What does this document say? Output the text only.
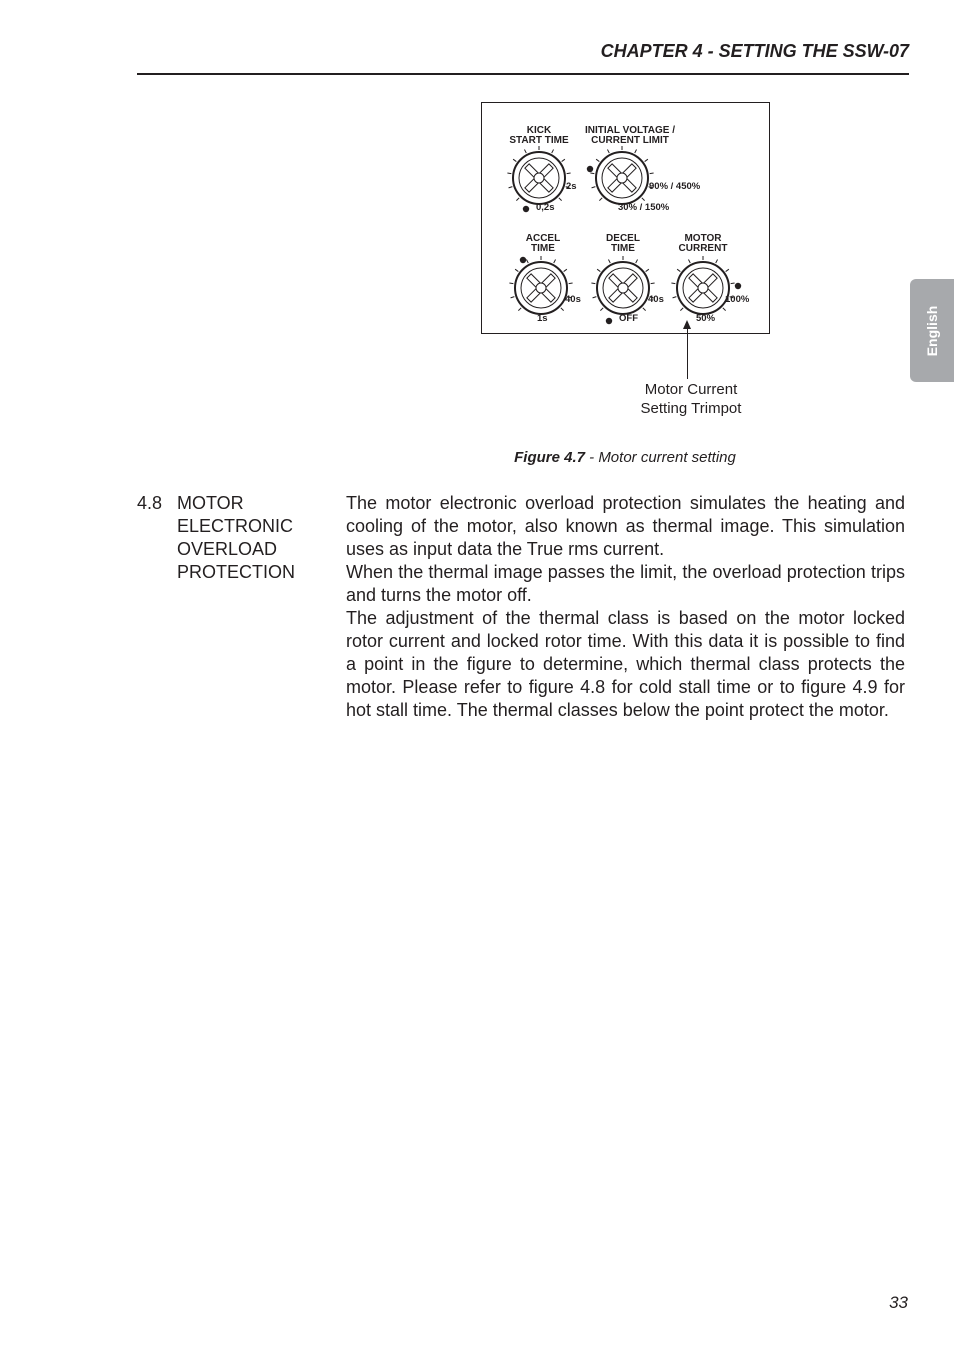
CHAPTER 4 - SETTING THE SSW-07
English
KICK
START TIME
0,2s
2s
INITIAL VOLTAGE /
CURRENT LIMIT
30% / 150%
90% / 450%
ACCEL
TIME
1s
40s
DECEL
TIME
OFF
40s
MOTOR
CURRENT
50%
100%
Motor Current
Setting Trimpot
Figure 4.7 - Motor current setting
4.8 MOTOR
ELECTRONIC
OVERLOAD
PROTECTION

The motor electronic overload protection simulates the heating and cooling of the motor, also known as thermal image. This simulation uses as input data the True rms current.

When the thermal image passes the limit, the overload protection trips and turns the motor off.

The adjustment of the thermal class is based on the motor locked rotor current and locked rotor time. With this data it is possible to find a point in the figure to determine, which thermal class protects the motor. Please refer to figure 4.8 for cold stall time or to figure 4.9 for hot stall time. The thermal classes below the point protect the motor.

33
